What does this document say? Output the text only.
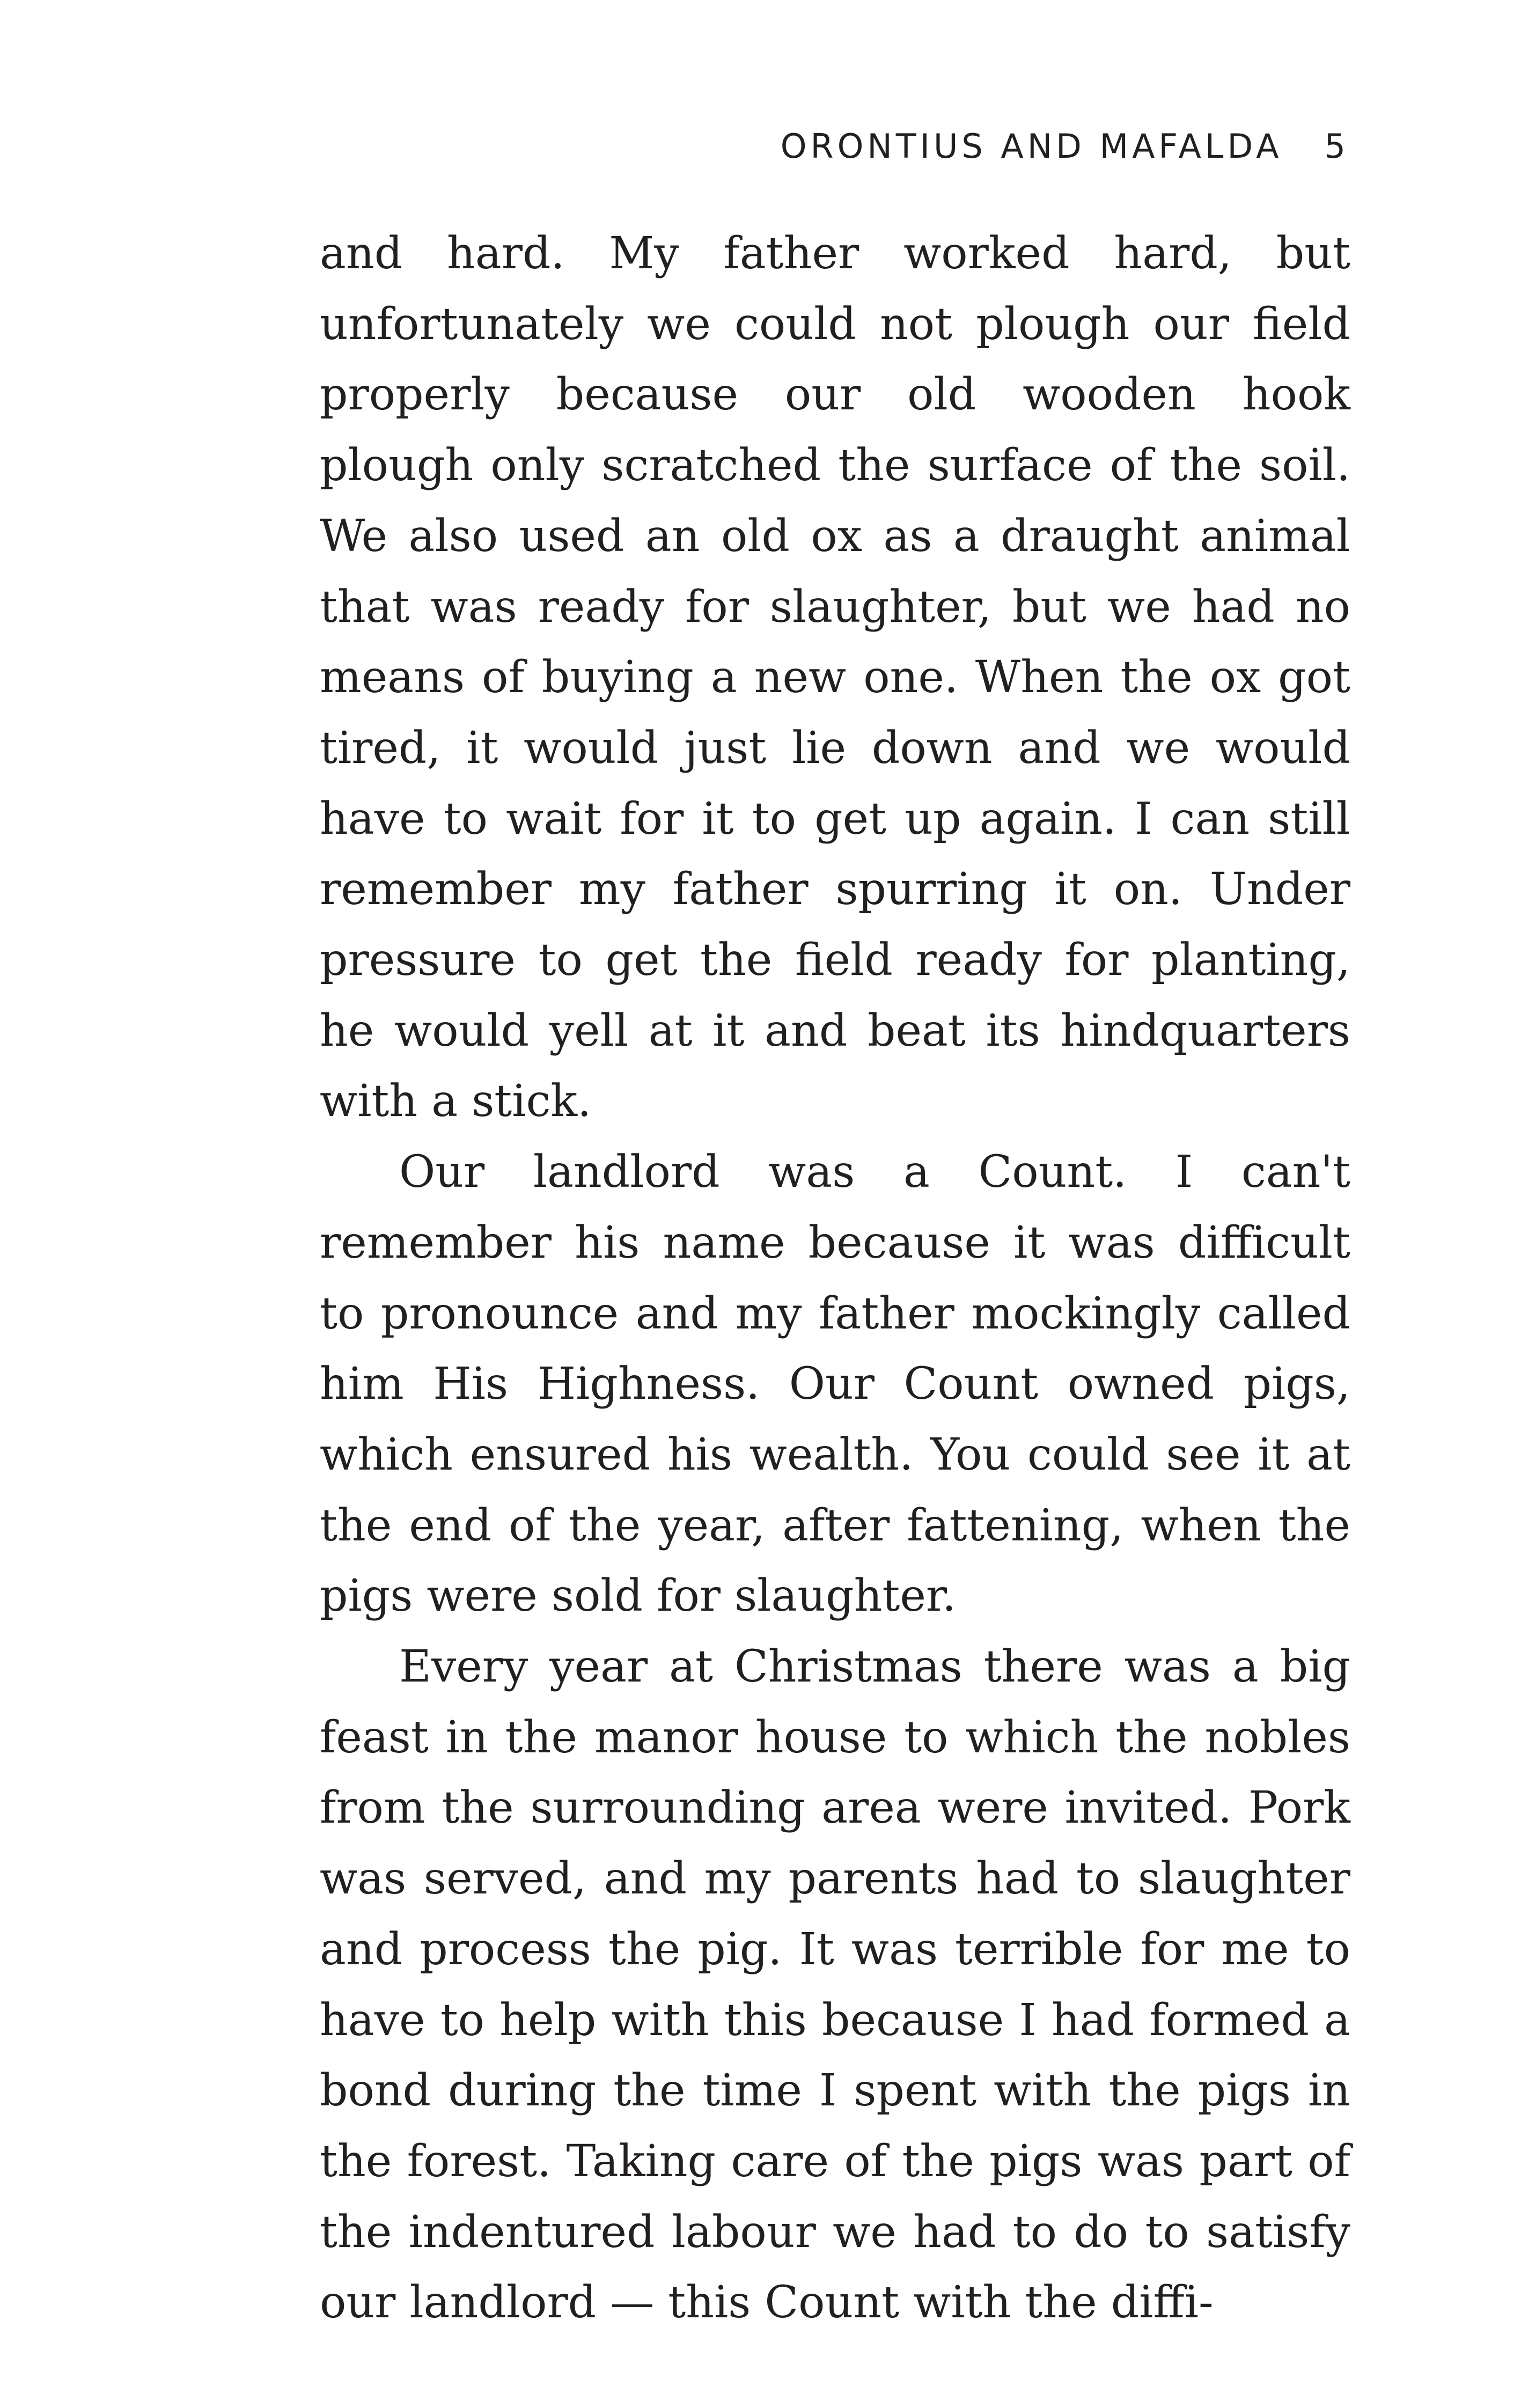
ORONTIUS AND MAFALDA 5

and hard. My father worked hard, but unfortunately we could not plough our field properly because our old wooden hook plough only scratched the surface of the soil. We also used an old ox as a draught animal that was ready for slaughter, but we had no means of buying a new one. When the ox got tired, it would just lie down and we would have to wait for it to get up again. I can still remember my father spurring it on. Under pressure to get the field ready for planting, he would yell at it and beat its hindquarters with a stick.

Our landlord was a Count. I can't remember his name because it was difficult to pronounce and my father mockingly called him His Highness. Our Count owned pigs, which ensured his wealth. You could see it at the end of the year, after fattening, when the pigs were sold for slaughter.

Every year at Christmas there was a big feast in the manor house to which the nobles from the surrounding area were invited. Pork was served, and my parents had to slaughter and process the pig. It was terrible for me to have to help with this because I had formed a bond during the time I spent with the pigs in the forest. Taking care of the pigs was part of the indentured labour we had to do to satisfy our landlord — this Count with the diffi-
